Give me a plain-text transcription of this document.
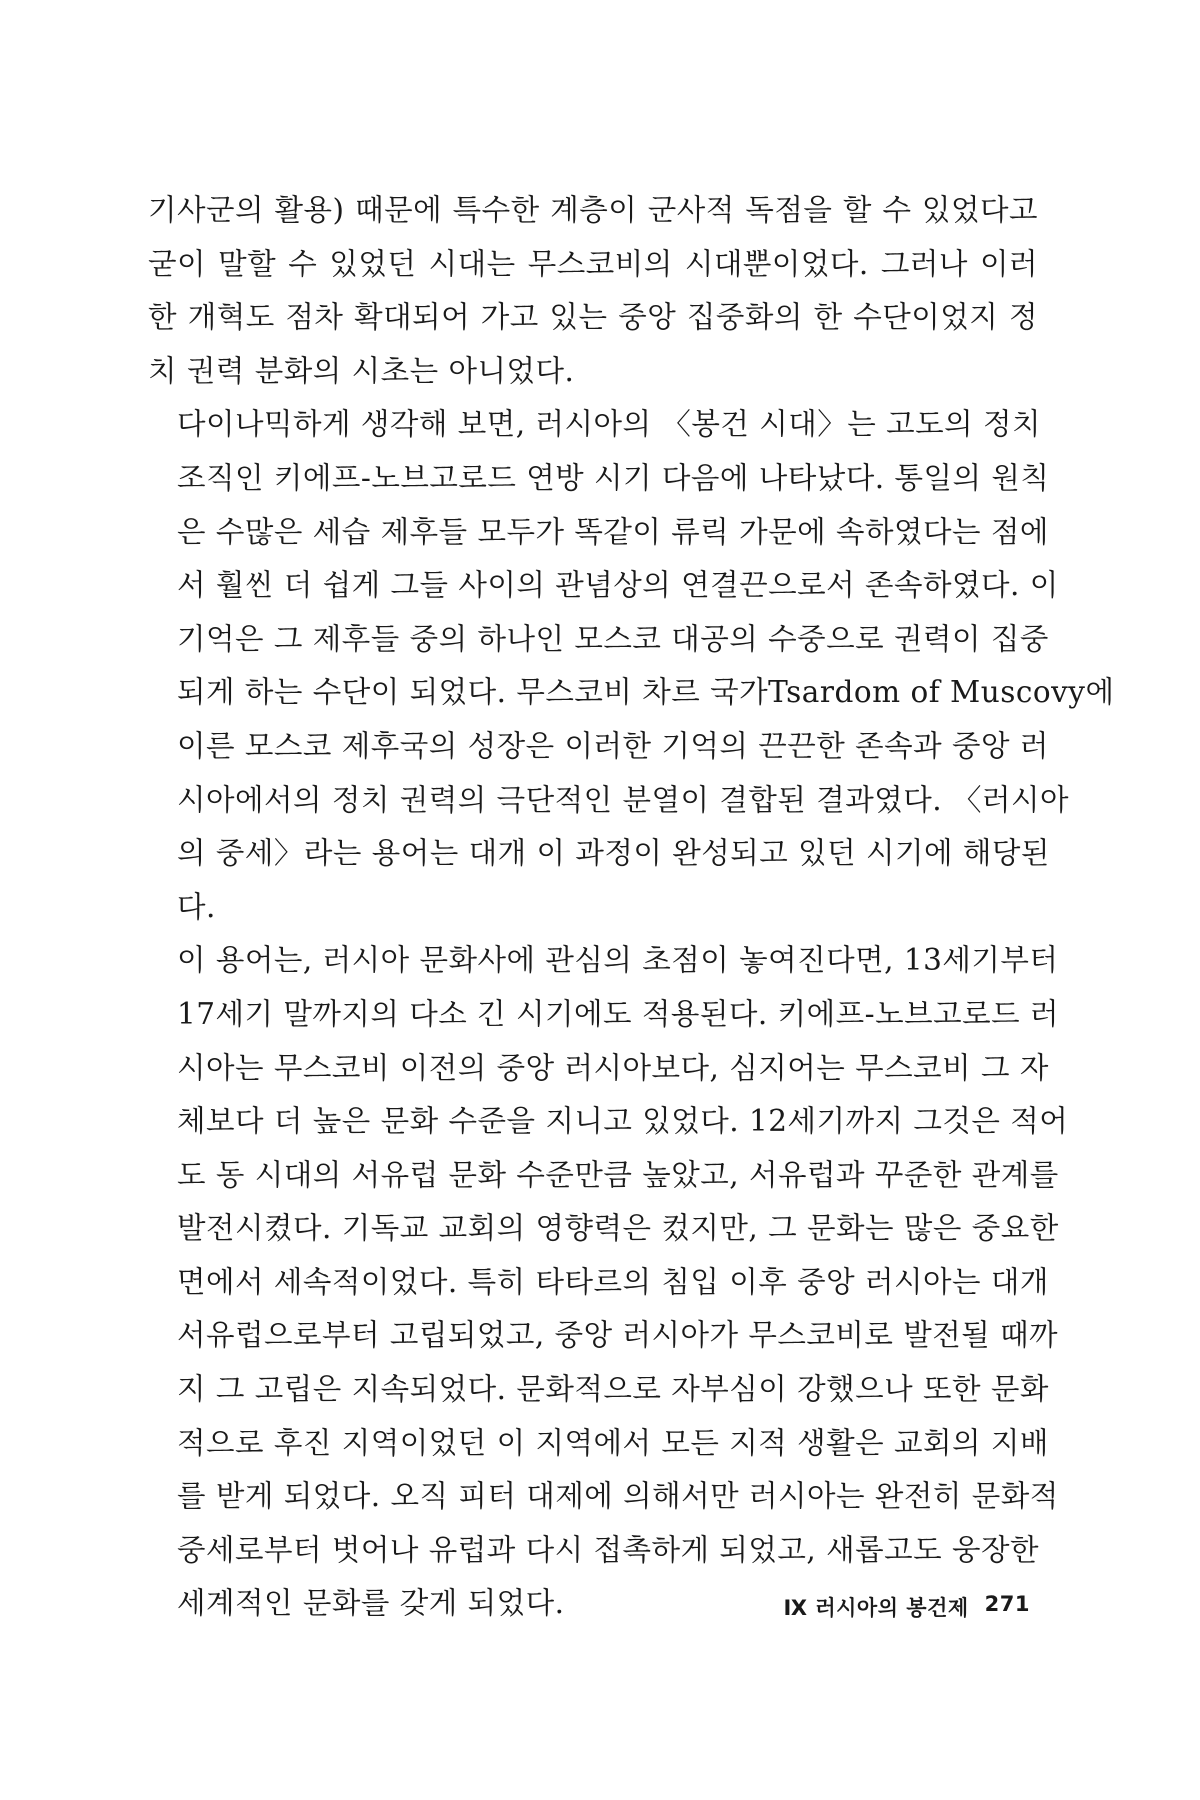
기사군의 활용) 때문에 특수한 계층이 군사적 독점을 할 수 있었다고
굳이 말할 수 있었던 시대는 무스코비의 시대뿐이었다. 그러나 이러
한 개혁도 점차 확대되어 가고 있는 중앙 집중화의 한 수단이었지 정
치 권력 분화의 시초는 아니었다.
다이나믹하게 생각해 보면, 러시아의 〈봉건 시대〉는 고도의 정치
조직인 키에프-노브고로드 연방 시기 다음에 나타났다. 통일의 원칙
은 수많은 세습 제후들 모두가 똑같이 류릭 가문에 속하였다는 점에
서 훨씬 더 쉽게 그들 사이의 관념상의 연결끈으로서 존속하였다. 이
기억은 그 제후들 중의 하나인 모스코 대공의 수중으로 권력이 집중
되게 하는 수단이 되었다. 무스코비 차르 국가Tsardom of Muscovy에
이른 모스코 제후국의 성장은 이러한 기억의 끈끈한 존속과 중앙 러
시아에서의 정치 권력의 극단적인 분열이 결합된 결과였다. 〈러시아
의 중세〉라는 용어는 대개 이 과정이 완성되고 있던 시기에 해당된
다.
이 용어는, 러시아 문화사에 관심의 초점이 놓여진다면, 13세기부터
17세기 말까지의 다소 긴 시기에도 적용된다. 키에프-노브고로드 러
시아는 무스코비 이전의 중앙 러시아보다, 심지어는 무스코비 그 자
체보다 더 높은 문화 수준을 지니고 있었다. 12세기까지 그것은 적어
도 동 시대의 서유럽 문화 수준만큼 높았고, 서유럽과 꾸준한 관계를
발전시켰다. 기독교 교회의 영향력은 컸지만, 그 문화는 많은 중요한
면에서 세속적이었다. 특히 타타르의 침입 이후 중앙 러시아는 대개
서유럽으로부터 고립되었고, 중앙 러시아가 무스코비로 발전될 때까
지 그 고립은 지속되었다. 문화적으로 자부심이 강했으나 또한 문화
적으로 후진 지역이었던 이 지역에서 모든 지적 생활은 교회의 지배
를 받게 되었다. 오직 피터 대제에 의해서만 러시아는 완전히 문화적
중세로부터 벗어나 유럽과 다시 접촉하게 되었고, 새롭고도 웅장한
세계적인 문화를 갖게 되었다.	Ⅸ 러시아의 봉건제 271
